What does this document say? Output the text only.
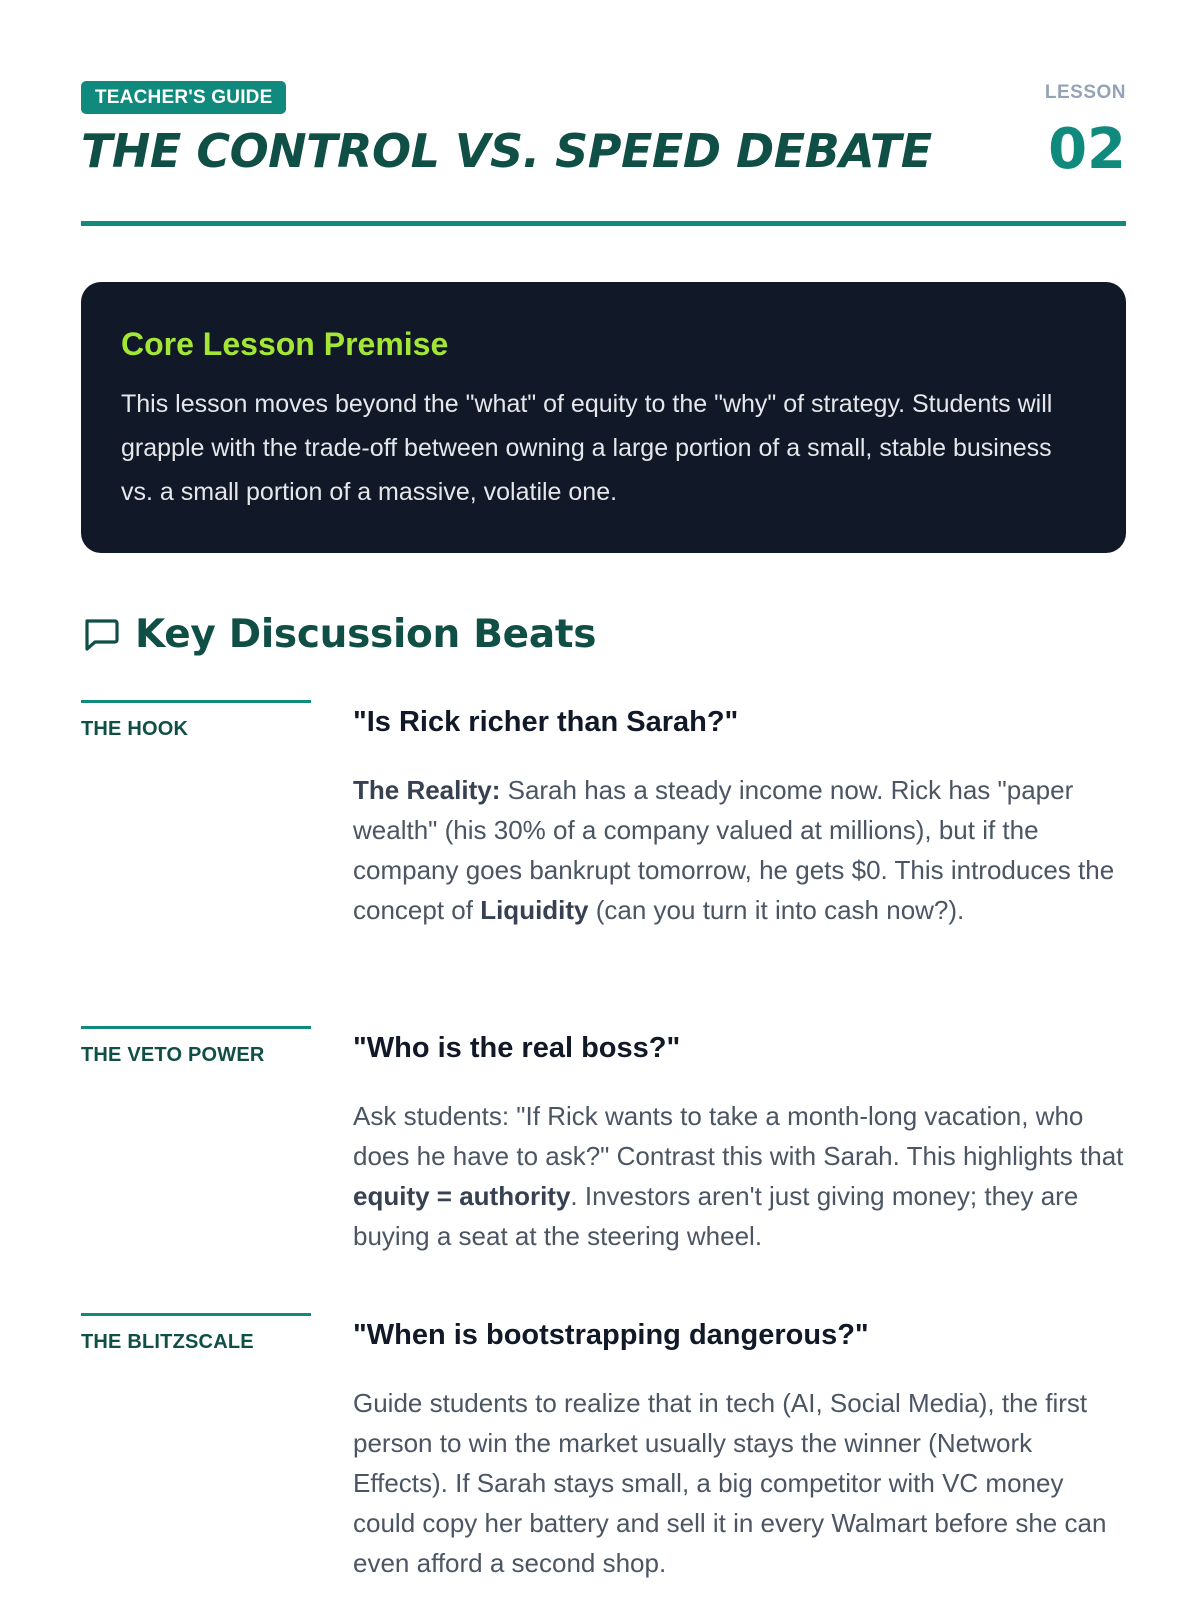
TEACHER'S GUIDE
THE CONTROL VS. SPEED DEBATE
LESSON
02
Core Lesson Premise

This lesson moves beyond the "what" of equity to the "why" of strategy. Students will grapple with the trade-off between owning a large portion of a small, stable business vs. a small portion of a massive, volatile one.

Key Discussion Beats
THE HOOK	"Is Rick richer than Sarah?"

The Reality: Sarah has a steady income now. Rick has "paper wealth" (his 30% of a company valued at millions), but if the company goes bankrupt tomorrow, he gets $0. This introduces the concept of Liquidity (can you turn it into cash now?).

THE VETO POWER	"Who is the real boss?"

Ask students: "If Rick wants to take a month-long vacation, who does he have to ask?" Contrast this with Sarah. This highlights that equity = authority. Investors aren't just giving money; they are buying a seat at the steering wheel.

THE BLITZSCALE	"When is bootstrapping dangerous?"

Guide students to realize that in tech (AI, Social Media), the first person to win the market usually stays the winner (Network Effects). If Sarah stays small, a big competitor with VC money could copy her battery and sell it in every Walmart before she can even afford a second shop.
